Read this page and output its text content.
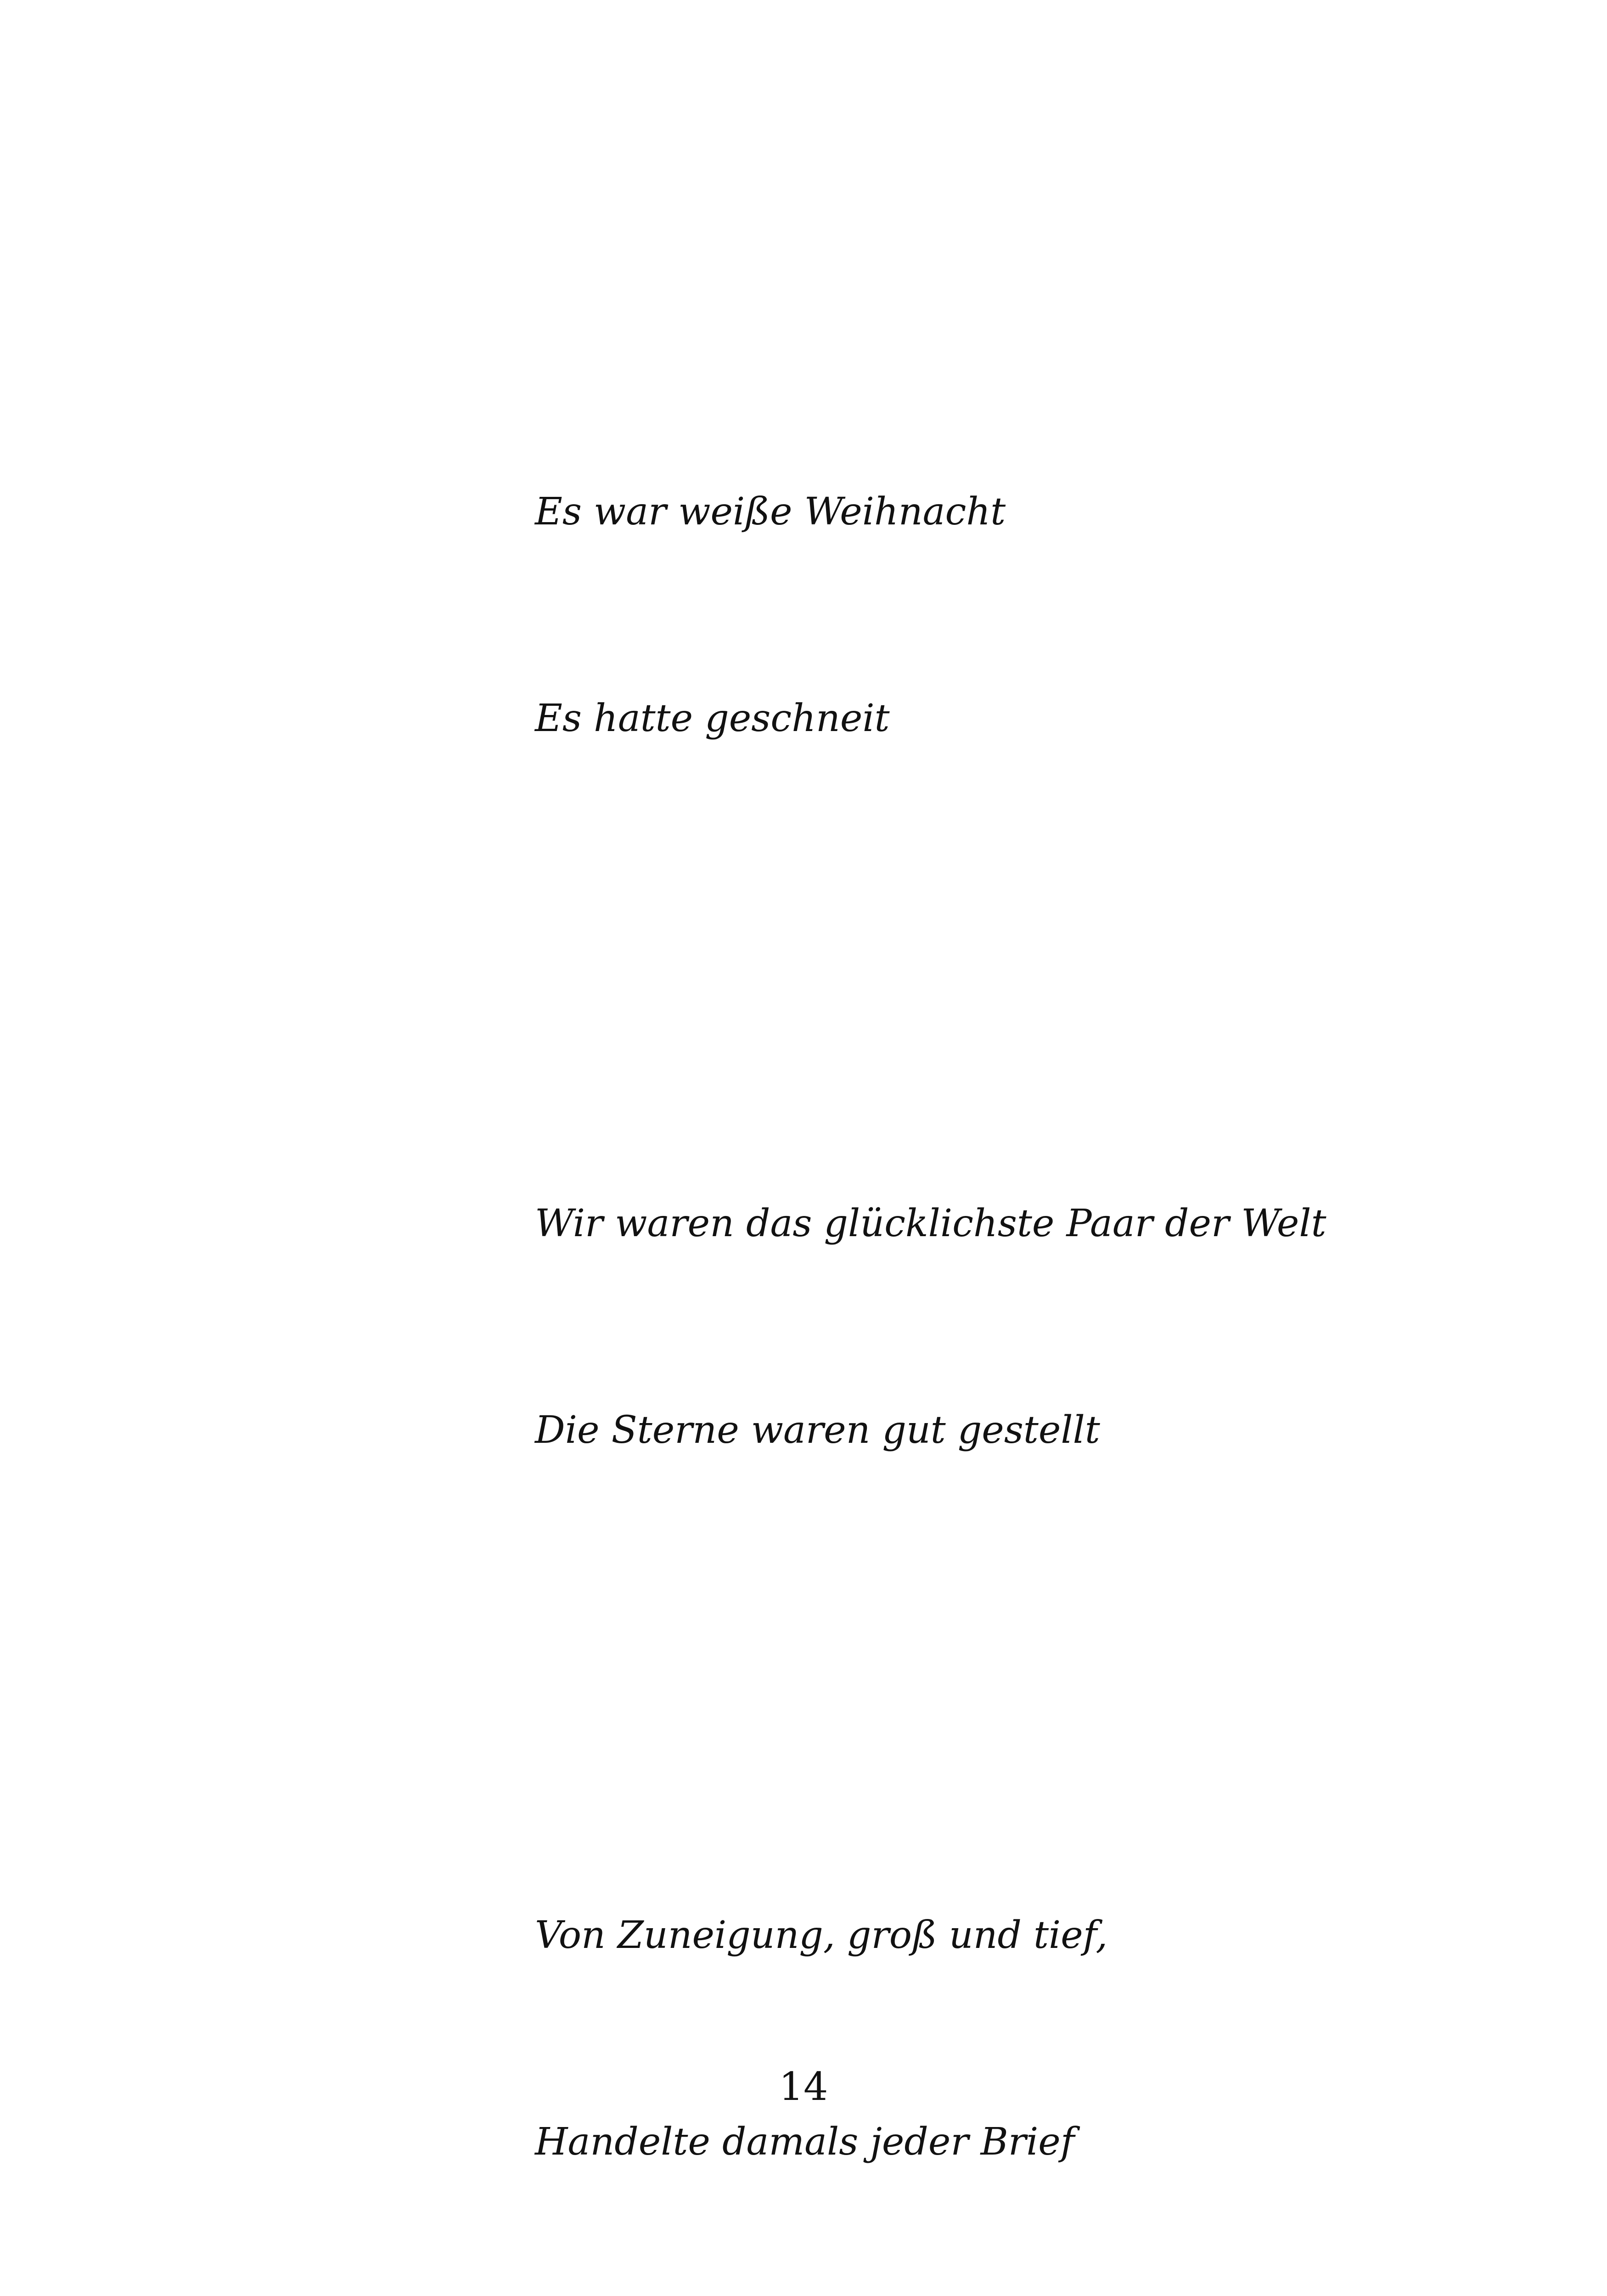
Es war weiße Weihnacht

Es hatte geschneit

Wir waren das glücklichste Paar der Welt

Die Sterne waren gut gestellt

Von Zuneigung, groß und tief,

Handelte damals jeder Brief

14
